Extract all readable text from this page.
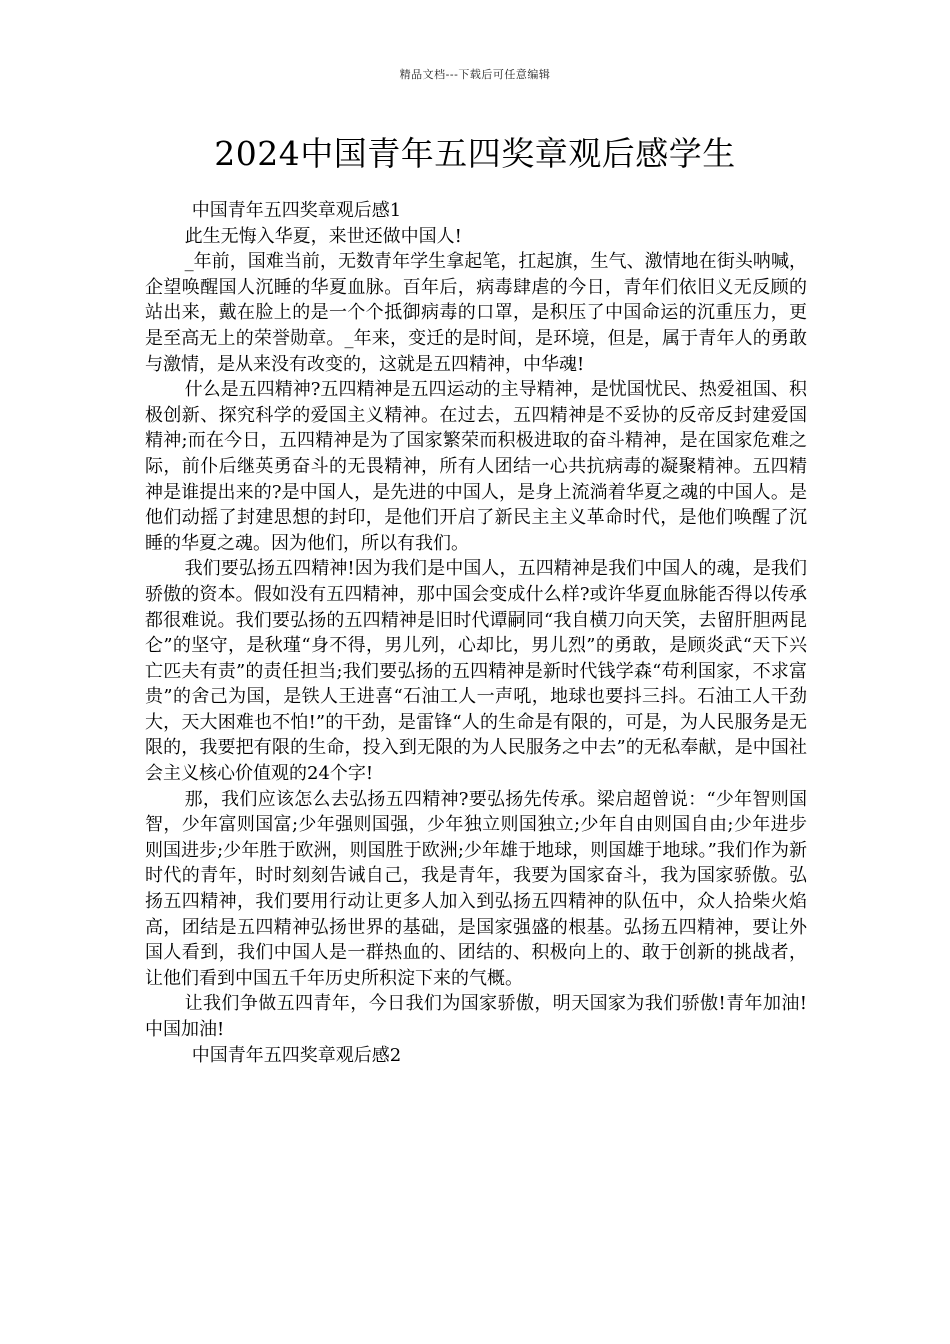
精品文档---下载后可任意编辑
2024中国青年五四奖章观后感学生

中国青年五四奖章观后感1

此生无悔入华夏，来世还做中国人!

_年前，国难当前，无数青年学生拿起笔，扛起旗，生气、激情地在街头呐喊，企望唤醒国人沉睡的华夏血脉。百年后，病毒肆虐的今日，青年们依旧义无反顾的站出来，戴在脸上的是一个个抵御病毒的口罩，是积压了中国命运的沉重压力，更是至高无上的荣誉勋章。_年来，变迁的是时间，是环境，但是，属于青年人的勇敢与激情，是从来没有改变的，这就是五四精神，中华魂!

什么是五四精神?五四精神是五四运动的主导精神，是忧国忧民、热爱祖国、积极创新、探究科学的爱国主义精神。在过去，五四精神是不妥协的反帝反封建爱国精神;而在今日，五四精神是为了国家繁荣而积极进取的奋斗精神，是在国家危难之际，前仆后继英勇奋斗的无畏精神，所有人团结一心共抗病毒的凝聚精神。五四精神是谁提出来的?是中国人，是先进的中国人，是身上流淌着华夏之魂的中国人。是他们动摇了封建思想的封印，是他们开启了新民主主义革命时代，是他们唤醒了沉睡的华夏之魂。因为他们，所以有我们。

我们要弘扬五四精神!因为我们是中国人，五四精神是我们中国人的魂，是我们骄傲的资本。假如没有五四精神，那中国会变成什么样?或许华夏血脉能否得以传承都很难说。我们要弘扬的五四精神是旧时代谭嗣同“我自横刀向天笑，去留肝胆两昆仑”的坚守，是秋瑾“身不得，男儿列，心却比，男儿烈”的勇敢，是顾炎武“天下兴亡匹夫有责”的责任担当;我们要弘扬的五四精神是新时代钱学森“苟利国家，不求富贵”的舍己为国，是铁人王进喜“石油工人一声吼，地球也要抖三抖。石油工人干劲大，天大困难也不怕!”的干劲，是雷锋“人的生命是有限的，可是，为人民服务是无限的，我要把有限的生命，投入到无限的为人民服务之中去”的无私奉献，是中国社会主义核心价值观的24个字!

那，我们应该怎么去弘扬五四精神?要弘扬先传承。梁启超曾说：“少年智则国智，少年富则国富;少年强则国强，少年独立则国独立;少年自由则国自由;少年进步则国进步;少年胜于欧洲，则国胜于欧洲;少年雄于地球，则国雄于地球。”我们作为新时代的青年，时时刻刻告诫自己，我是青年，我要为国家奋斗，我为国家骄傲。弘扬五四精神，我们要用行动让更多人加入到弘扬五四精神的队伍中，众人拾柴火焰高，团结是五四精神弘扬世界的基础，是国家强盛的根基。弘扬五四精神，要让外国人看到，我们中国人是一群热血的、团结的、积极向上的、敢于创新的挑战者，让他们看到中国五千年历史所积淀下来的气概。

让我们争做五四青年，今日我们为国家骄傲，明天国家为我们骄傲!青年加油!中国加油!

中国青年五四奖章观后感2
